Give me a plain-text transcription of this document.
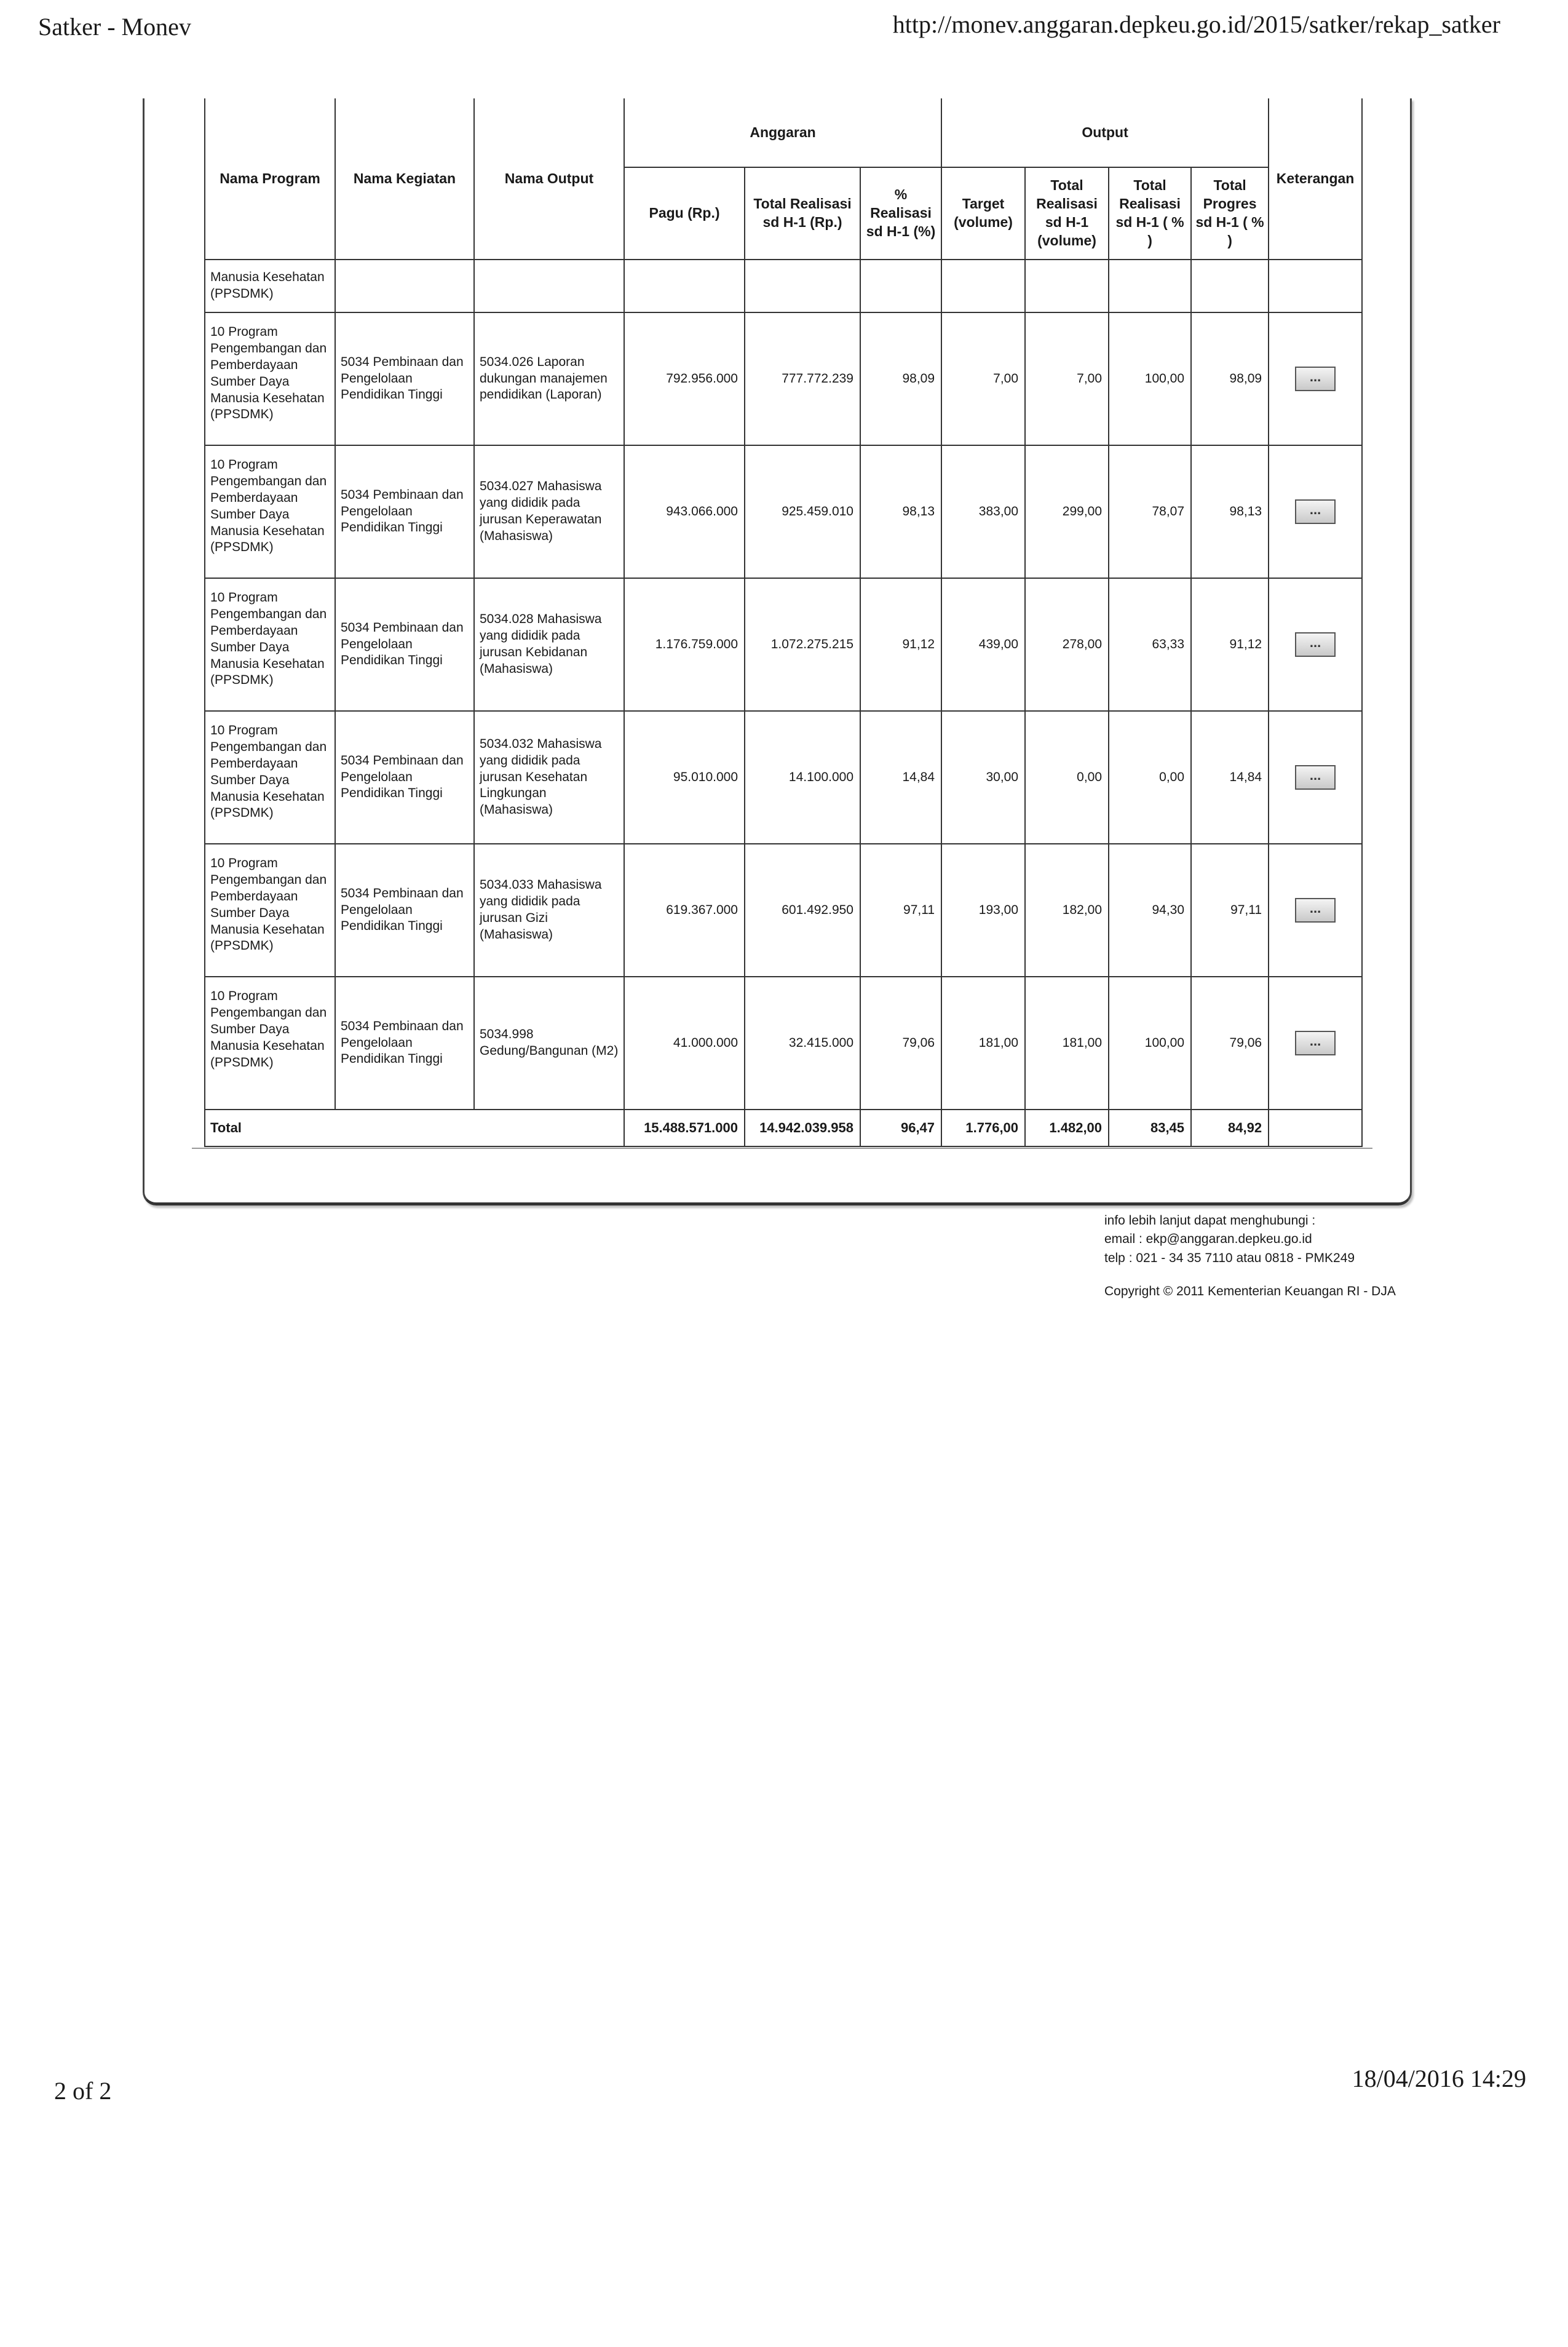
Satker - Monev	http://monev.anggaran.depkeu.go.id/2015/satker/rekap_satker
Nama Program	Nama Kegiatan	Nama Output	Anggaran			Output				Keterangan
			Pagu (Rp.)	Total Realisasi sd H-1 (Rp.)	% Realisasi sd H-1 (%)	Target (volume)	Total Realisasi sd H-1 (volume)	Total Realisasi sd H-1 ( % )	Total Progres sd H-1 ( % )	
Manusia Kesehatan (PPSDMK)										
10 Program Pengembangan dan Pemberdayaan Sumber Daya Manusia Kesehatan (PPSDMK)	5034 Pembinaan dan Pengelolaan Pendidikan Tinggi	5034.026 Laporan dukungan manajemen pendidikan (Laporan)	792.956.000	777.772.239	98,09	7,00	7,00	100,00	98,09	...
10 Program Pengembangan dan Pemberdayaan Sumber Daya Manusia Kesehatan (PPSDMK)	5034 Pembinaan dan Pengelolaan Pendidikan Tinggi	5034.027 Mahasiswa yang dididik pada jurusan Keperawatan (Mahasiswa)	943.066.000	925.459.010	98,13	383,00	299,00	78,07	98,13	...
10 Program Pengembangan dan Pemberdayaan Sumber Daya Manusia Kesehatan (PPSDMK)	5034 Pembinaan dan Pengelolaan Pendidikan Tinggi	5034.028 Mahasiswa yang dididik pada jurusan Kebidanan (Mahasiswa)	1.176.759.000	1.072.275.215	91,12	439,00	278,00	63,33	91,12	...
10 Program Pengembangan dan Pemberdayaan Sumber Daya Manusia Kesehatan (PPSDMK)	5034 Pembinaan dan Pengelolaan Pendidikan Tinggi	5034.032 Mahasiswa yang dididik pada jurusan Kesehatan Lingkungan (Mahasiswa)	95.010.000	14.100.000	14,84	30,00	0,00	0,00	14,84	...
10 Program Pengembangan dan Pemberdayaan Sumber Daya Manusia Kesehatan (PPSDMK)	5034 Pembinaan dan Pengelolaan Pendidikan Tinggi	5034.033 Mahasiswa yang dididik pada jurusan Gizi (Mahasiswa)	619.367.000	601.492.950	97,11	193,00	182,00	94,30	97,11	...
10 Program Pengembangan dan Sumber Daya Manusia Kesehatan (PPSDMK)	5034 Pembinaan dan Pengelolaan Pendidikan Tinggi	5034.998 Gedung/Bangunan (M2)	41.000.000	32.415.000	79,06	181,00	181,00	100,00	79,06	...
Total			15.488.571.000	14.942.039.958	96,47	1.776,00	1.482,00	83,45	84,92	
info lebih lanjut dapat menghubungi :
email : ekp@anggaran.depkeu.go.id
telp : 021 - 34 35 7110 atau 0818 - PMK249
Copyright © 2011 Kementerian Keuangan RI - DJA
2 of 2	18/04/2016 14:29
